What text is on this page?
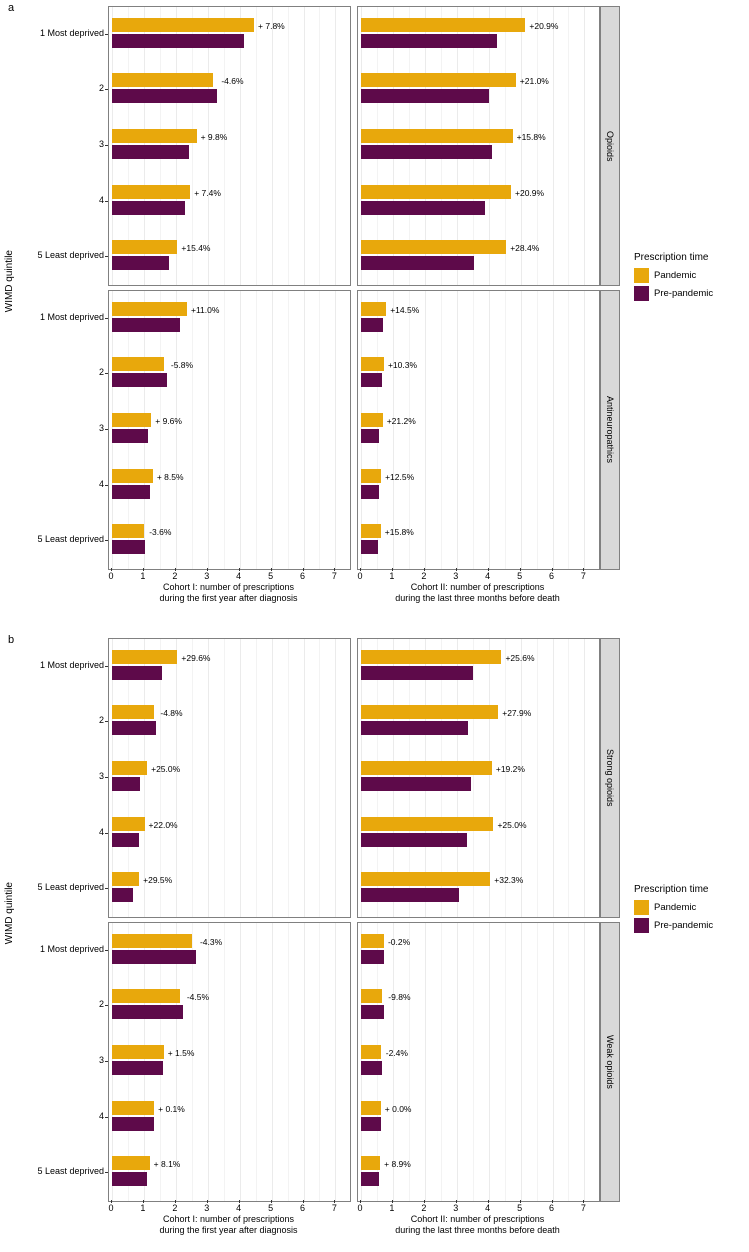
a
WIMD quintile
+ 7.8%
-4.6%
+ 9.8%
+ 7.4%
+15.4%
+20.9%
+21.0%
+15.8%
+20.9%
+28.4%
+11.0%
-5.8%
+ 9.6%
+ 8.5%
-3.6%
+14.5%
+10.3%
+21.2%
+12.5%
+15.8%
Opioids
Antineuropathics
Cohort I: number of prescriptions
during the first year after diagnosis
Cohort II: number of prescriptions
during the last three months before death
Prescription time
Pandemic
Pre-pandemic
1 Most deprived
2
3
4
5 Least deprived
1 Most deprived
2
3
4
5 Least deprived
0	1	2	3	4	5	6	7	0	1	2	3	4	5	6	7
b
WIMD quintile
+29.6%
-4.8%
+25.0%
+22.0%
+29.5%
+25.6%
+27.9%
+19.2%
+25.0%
+32.3%
-4.3%
-4.5%
+ 1.5%
+ 0.1%
+ 8.1%
-0.2%
-9.8%
-2.4%
+ 0.0%
+ 8.9%
Strong opioids
Weak opioids
Cohort I: number of prescriptions
during the first year after diagnosis
Cohort II: number of prescriptions
during the last three months before death
Prescription time
Pandemic
Pre-pandemic
1 Most deprived
2
3
4
5 Least deprived
1 Most deprived
2
3
4
5 Least deprived
0	1	2	3	4	5	6	7	0	1	2	3	4	5	6	7
